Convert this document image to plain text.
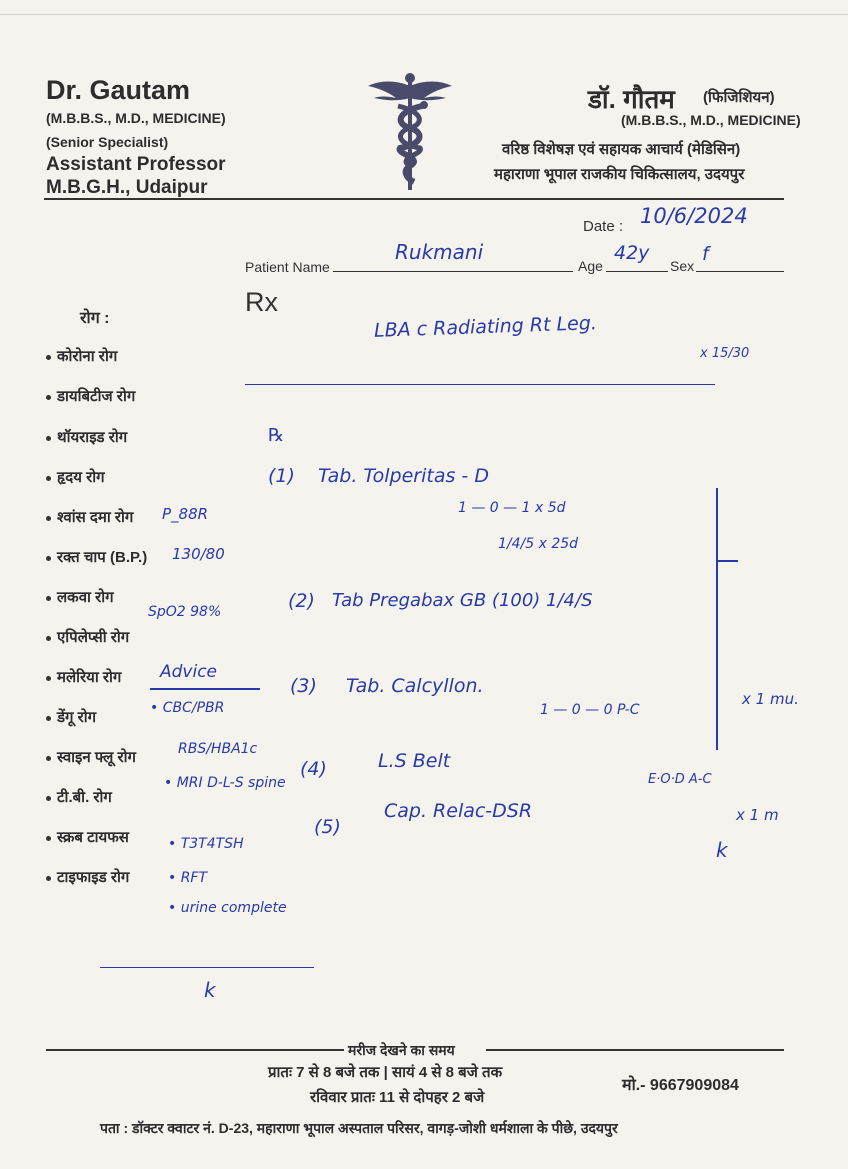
Dr. Gautam
(M.B.B.S., M.D., MEDICINE)
(Senior Specialist)
Assistant Professor
M.B.G.H., Udaipur
डॉ. गौतम (फिजिशियन)
(M.B.B.S., M.D., MEDICINE)
वरिष्ठ विशेषज्ञ एवं सहायक आचार्य (मेडिसिन)
महाराणा भूपाल राजकीय चिकित्सालय, उदयपुर
Date : 10/6/2024
Patient Name
Rukmani
Age
42y
Sex
f
Rx
रोग :
कोरोना रोग
डायबिटीज रोग
थॉयराइड रोग
हृदय रोग
श्वांस दमा रोग
रक्त चाप (B.P.)
लकवा रोग
एपिलेप्सी रोग
मलेरिया रोग
डेंगू रोग
स्वाइन फ्लू रोग
टी.बी. रोग
स्क्रब टायफस
टाइफाइड रोग
P_88R
130/80
SpO2 98%
Advice
• CBC/PBR
RBS/HBA1c
• MRI D-L-S spine
• T3T4TSH
• RFT
• urine complete
LBA c Radiating Rt Leg.
x 15/30
℞
(1) Tab. Tolperitas - D
1 — 0 — 1 x 5d
1/4/5 x 25d
(2) Tab Pregabax GB (100) 1/4/S
(3) Tab. Calcyllon.
1 — 0 — 0 P-C
(4)	L.S Belt
(5)
Cap. Relac-DSR
E·O·D A-C
x 1 mu.
x 1 m
k
k
मरीज देखने का समय
प्रातः 7 से 8 बजे तक | सायं 4 से 8 बजे तक
रविवार प्रातः 11 से दोपहर 2 बजे
मो.- 9667909084
पता : डॉक्टर क्वाटर नं. D-23, महाराणा भूपाल अस्पताल परिसर, वागड़-जोशी धर्मशाला के पीछे, उदयपुर
